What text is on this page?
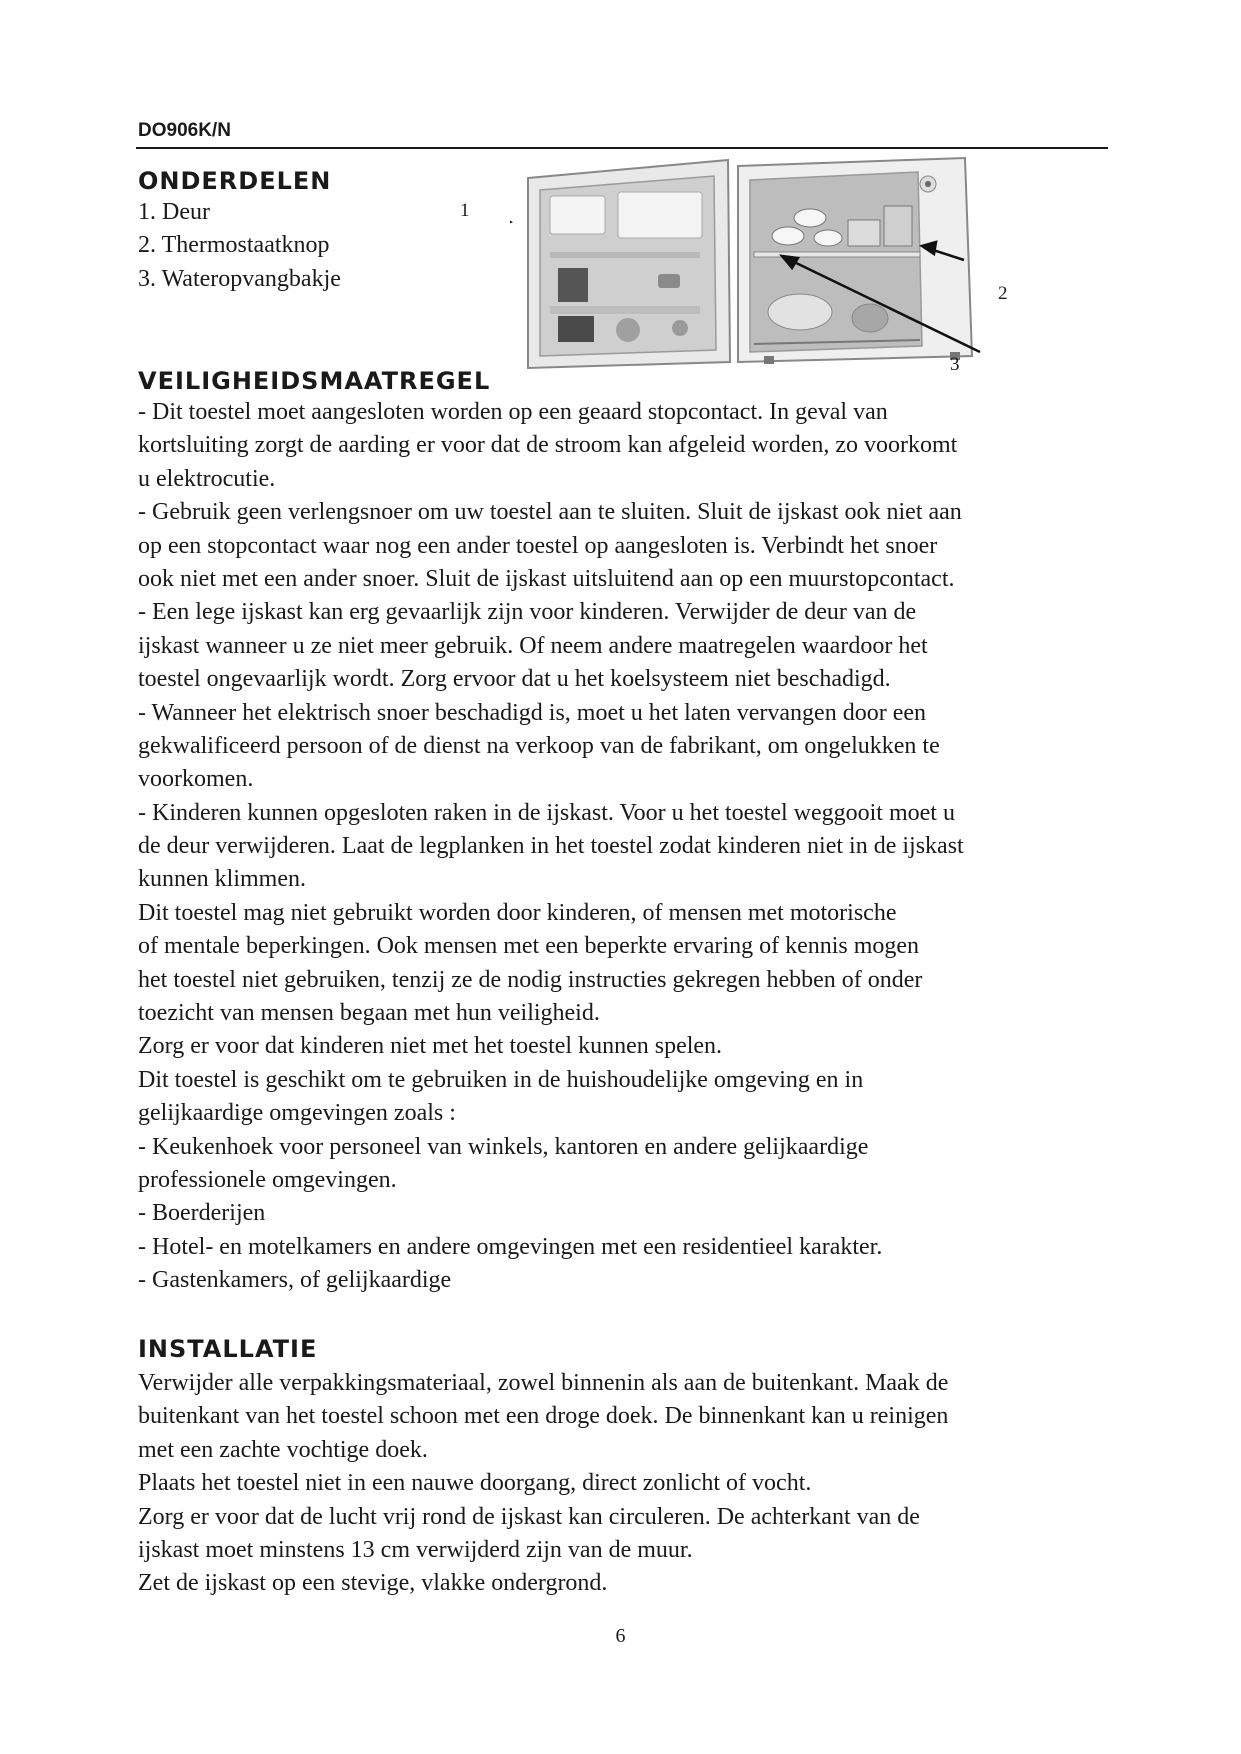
DO906K/N
ONDERDELEN
1. Deur
2. Thermostaatknop
3. Wateropvangbakje
1
2
3
VEILIGHEIDSMAATREGEL
- Dit toestel moet aangesloten worden op een geaard stopcontact. In geval van
kortsluiting zorgt de aarding er voor dat de stroom kan afgeleid worden, zo voorkomt
u elektrocutie.
- Gebruik geen verlengsnoer om uw toestel aan te sluiten. Sluit de ijskast ook niet aan
op een stopcontact waar nog een ander toestel op aangesloten is. Verbindt het snoer
ook niet met een ander snoer. Sluit de ijskast uitsluitend aan op een muurstopcontact.
- Een lege ijskast kan erg gevaarlijk zijn voor kinderen. Verwijder de deur van de
ijskast wanneer u ze niet meer gebruik. Of neem andere maatregelen waardoor het
toestel ongevaarlijk wordt. Zorg ervoor dat u het koelsysteem niet beschadigd.
- Wanneer het elektrisch snoer beschadigd is, moet u het laten vervangen door een
gekwalificeerd persoon of de dienst na verkoop van de fabrikant, om ongelukken te
voorkomen.
- Kinderen kunnen opgesloten raken in de ijskast. Voor u het toestel weggooit moet u
de deur verwijderen. Laat de legplanken in het toestel zodat kinderen niet in de ijskast
kunnen klimmen.
Dit toestel mag niet gebruikt worden door kinderen, of mensen met motorische
of mentale beperkingen. Ook mensen met een beperkte ervaring of kennis mogen
het toestel niet gebruiken, tenzij ze de nodig instructies gekregen hebben of onder
toezicht van mensen begaan met hun veiligheid.
Zorg er voor dat kinderen niet met het toestel kunnen spelen.
Dit toestel is geschikt om te gebruiken in de huishoudelijke omgeving en in
gelijkaardige omgevingen zoals :
- Keukenhoek voor personeel van winkels, kantoren en andere gelijkaardige
professionele omgevingen.
- Boerderijen
- Hotel- en motelkamers en andere omgevingen met een residentieel karakter.
- Gastenkamers, of gelijkaardige
INSTALLATIE
Verwijder alle verpakkingsmateriaal, zowel binnenin als aan de buitenkant. Maak de
buitenkant van het toestel schoon met een droge doek. De binnenkant kan u reinigen
met een zachte vochtige doek.
Plaats het toestel niet in een nauwe doorgang, direct zonlicht of vocht.
Zorg er voor dat de lucht vrij rond de ijskast kan circuleren. De achterkant van de
ijskast moet minstens 13 cm verwijderd zijn van de muur.
Zet de ijskast op een stevige, vlakke ondergrond.
6
